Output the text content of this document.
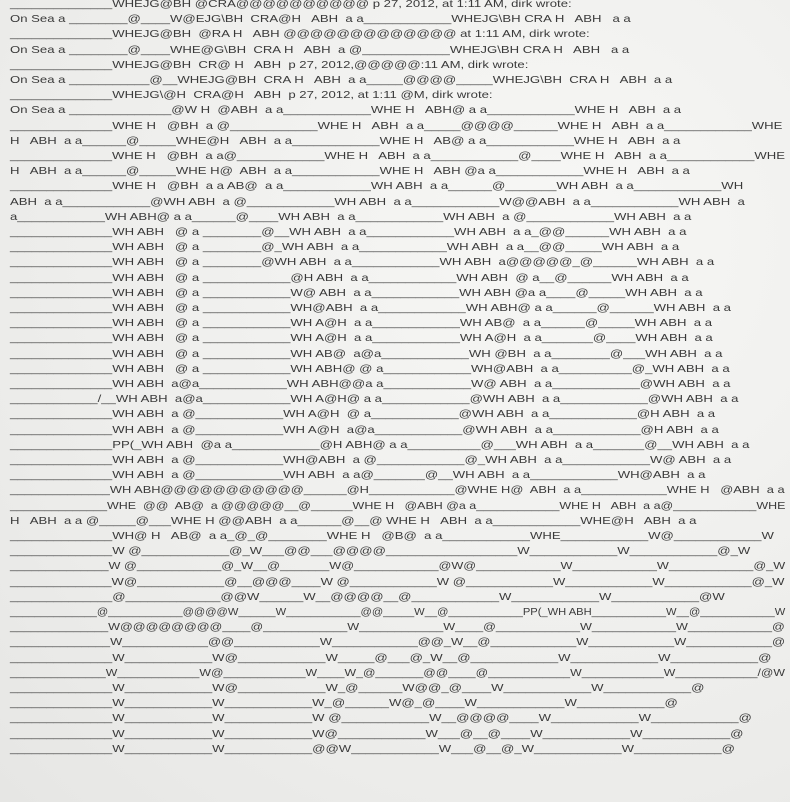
______________WHEJG@BH @CRA@@@@@@@@@@ p 27, 2012, at 1:11 AM, dirk wrote:
On Sea a ________@____W@EJG\BH  CRA@H   ABH  a a____________WHEJG\BH CRA H   ABH   a a
______________WHEJG@BH  @RA H   ABH @@@@@@@@@@@@@ at 1:11 AM, dirk wrote:
On Sea a ________@____WHE@G\BH  CRA H   ABH  a @____________WHEJG\BH CRA H   ABH   a a
______________WHEJG@BH  CR@ H   ABH  p 27, 2012,@@@@@:11 AM, dirk wrote:
On Sea a ___________@__WHEJG@BH  CRA H   ABH  a a_____@@@@_____WHEJG\BH  CRA H   ABH  a a
______________WHEJG\@H  CRA@H   ABH  p 27, 2012, at 1:11 @M, dirk wrote:
On Sea a ______________@W H  @ABH  a a____________WHE H   ABH@ a a____________WHE H   ABH  a a
______________WHE H   @BH  a @____________WHE H   ABH  a a_____@@@@______WHE H   ABH  a a____________WHE
H   ABH  a a______@_____WHE@H   ABH  a a____________WHE H   AB@ a a____________WHE H   ABH  a a
______________WHE H   @BH  a a@____________WHE H   ABH  a a____________@____WHE H   ABH  a a____________WHE
H   ABH  a a______@_____WHE H@  ABH  a a____________WHE H   ABH @a a____________WHE H   ABH  a a
______________WHE H   @BH  a a AB@  a a____________WH ABH  a a______@_______WH ABH  a a____________WH
ABH  a a____________@WH ABH  a @____________WH ABH  a a____________W@@ABH  a a____________WH ABH  a
a____________WH ABH@ a a______@____WH ABH  a a____________WH ABH  a @____________WH ABH  a a
______________WH ABH   @ a ________@__WH ABH  a a____________WH ABH  a a_@@______WH ABH  a a
______________WH ABH   @ a ________@_WH ABH  a a____________WH ABH  a a__@@_____WH ABH  a a
______________WH ABH   @ a ________@WH ABH  a a____________WH ABH  a@@@@@_@______WH ABH  a a
______________WH ABH   @ a ____________@H ABH  a a____________WH ABH  @ a__@______WH ABH  a a
______________WH ABH   @ a ____________W@ ABH  a a____________WH ABH @a a____@_____WH ABH  a a
______________WH ABH   @ a ____________WH@ABH  a a____________WH ABH@ a a______@______WH ABH  a a
______________WH ABH   @ a ____________WH A@H  a a____________WH AB@  a a______@_____WH ABH  a a
______________WH ABH   @ a ____________WH A@H  a a____________WH A@H  a a_______@____WH ABH  a a
______________WH ABH   @ a ____________WH AB@  a@a____________WH @BH  a a________@___WH ABH  a a
______________WH ABH   @ a ____________WH ABH@ @ a____________WH@ABH  a a__________@_WH ABH  a a
______________WH ABH  a@a____________WH ABH@@a a____________W@ ABH  a a____________@WH ABH  a a
____________/__WH ABH  a@a____________WH A@H@ a a____________@WH ABH  a a____________@WH ABH  a a
______________WH ABH  a @____________WH A@H  @ a____________@WH ABH  a a____________@H ABH  a a
______________WH ABH  a @____________WH A@H  a@a____________@WH ABH  a a____________@H ABH  a a
______________PP(_WH ABH  @a a____________@H ABH@ a a__________@___WH ABH  a a_______@__WH ABH  a a
______________WH ABH  a @____________WH@ABH  a @____________@_WH ABH  a a____________W@ ABH  a a
______________WH ABH  a @____________WH ABH  a a@_______@__WH ABH  a a____________WH@ABH  a a
______________WH ABH@@@@@@@@@@@______@H____________@WHE H@  ABH  a a____________WHE H   @ABH  a a
______________WHE  @@  AB@  a @@@@@__@______WHE H   @ABH @a a____________WHE H   ABH  a a@____________WHE
H   ABH  a a @_____@___WHE H @@ABH  a a______@__@ WHE H   ABH  a a____________WHE@H   ABH  a a
______________WH@ H   AB@  a a_@_@________WHE H   @B@  a a____________WHE____________W@____________W
______________W @____________@_W___@@___@@@@__________________W____________W____________@_W
______________W @____________@_W__@_______W@____________@W@____________W____________W____________@_W
______________W@____________@__@@@____W @____________W @____________W____________W____________@_W
______________@_____________@@W______W__@@@@__@____________W____________W____________@W
______________@____________@@@@W______W____________@@_____W__@____________PP(_WH ABH____________W__@____________W
______________W@@@@@@@@____@____________W____________W____@____________W____________W____________@
______________W____________@@____________W____________@@_W__@____________W____________W____________@
______________W____________W@____________W_____@___@_W__@____________W____________W____________@
______________W____________W@____________W____W_@_______@@____@____________W____________W____________/@W
______________W____________W@____________W_@______W@@_@____W____________W____________@
______________W____________W____________W_@______W@_@____W____________W____________@
______________W____________W____________W @____________W__@@@@____W____________W____________@
______________W____________W____________W@____________W___@__@____W____________W____________@
______________W____________W____________@@W____________W___@__@_W____________W____________@
